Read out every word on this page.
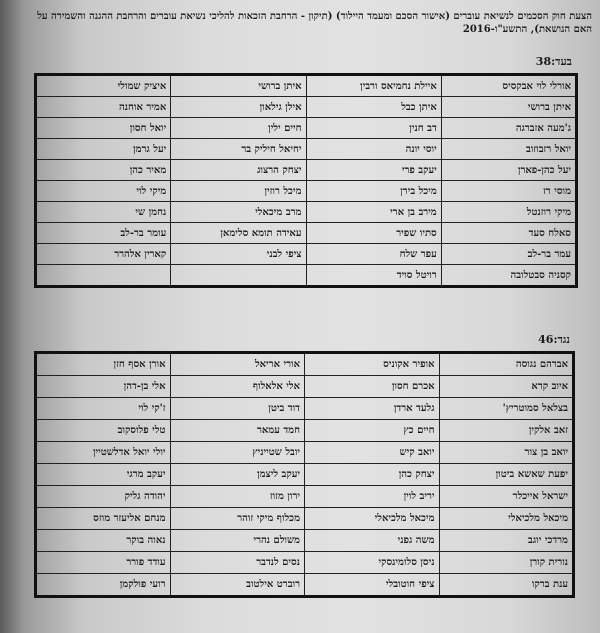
הצעת חוק הסכמים לנשיאת עוברים (אישור הסכם ומעמד היילוד) (תיקון - הרחבת הזכאות להליכי נשיאת עוברים והרחבת ההגנה והשמירה על האם הנושאת), התשע"ו-2016
בעד:38
אורלי לוי אבקסיס	איילת נחמיאס ורבין	איתן ברושי	איציק שמולי
איתן ברושי	איתן כבל	אילן גילאון	אמיר אוחנה
ג'מעה אזברגה	דב חנין	חיים ילין	יואל חסון
יואל רזבוזוב	יוסי יונה	יחיאל חיליק בר	יעל גרמן
יעל כהן-פארן	יעקב פרי	יצחק הרצוג	מאיר כהן
מוסי רז	מיכל בירן	מיכל רוזין	מיקי לוי
מיקי רוזנטל	מירב בן ארי	מרב מיכאלי	נחמן שי
סאלח סעד	סתיו שפיר	עאידה תומא סלימאן	עומר בר-לב
עמר בר-לב	עפר שלח	ציפי לבני	קארין אלהרר
קסניה סבטלובה	רויטל סויד		
נגד:46
אברהם נגוסה	אופיר אקוניס	אורי אריאל	אורן אסף חזן
איוב קרא	אכרם חסון	אלי אלאלוף	אלי בן-דהן
בצלאל סמוטריץ'	גלעד ארדן	דוד ביטן	ז'קי לוי
זאב אלקין	חיים כץ	חמד עמאר	טלי פלוסקוב
יואב בן צור	יואב קיש	יובל שטייניץ	יולי יואל אדלשטיין
יפעת שאשא ביטון	יצחק כהן	יעקב ליצמן	יעקב מרגי
ישראל אייכלר	יריב לוין	ירון מזוז	יהודה גליק
מיכאל מלכיאלי	מיכאל מלכיאלי	מכלוף מיקי זוהר	מנחם אליעזר מוזס
מרדכי יוגב	משה גפני	משולם נהרי	נאוה בוקר
נורית קורן	ניסן סלומינסקי	נסים לנדבר	עודד פורר
ענת ברקו	ציפי חוטובלי	רוברט אילטוב	רועי פולקמן
